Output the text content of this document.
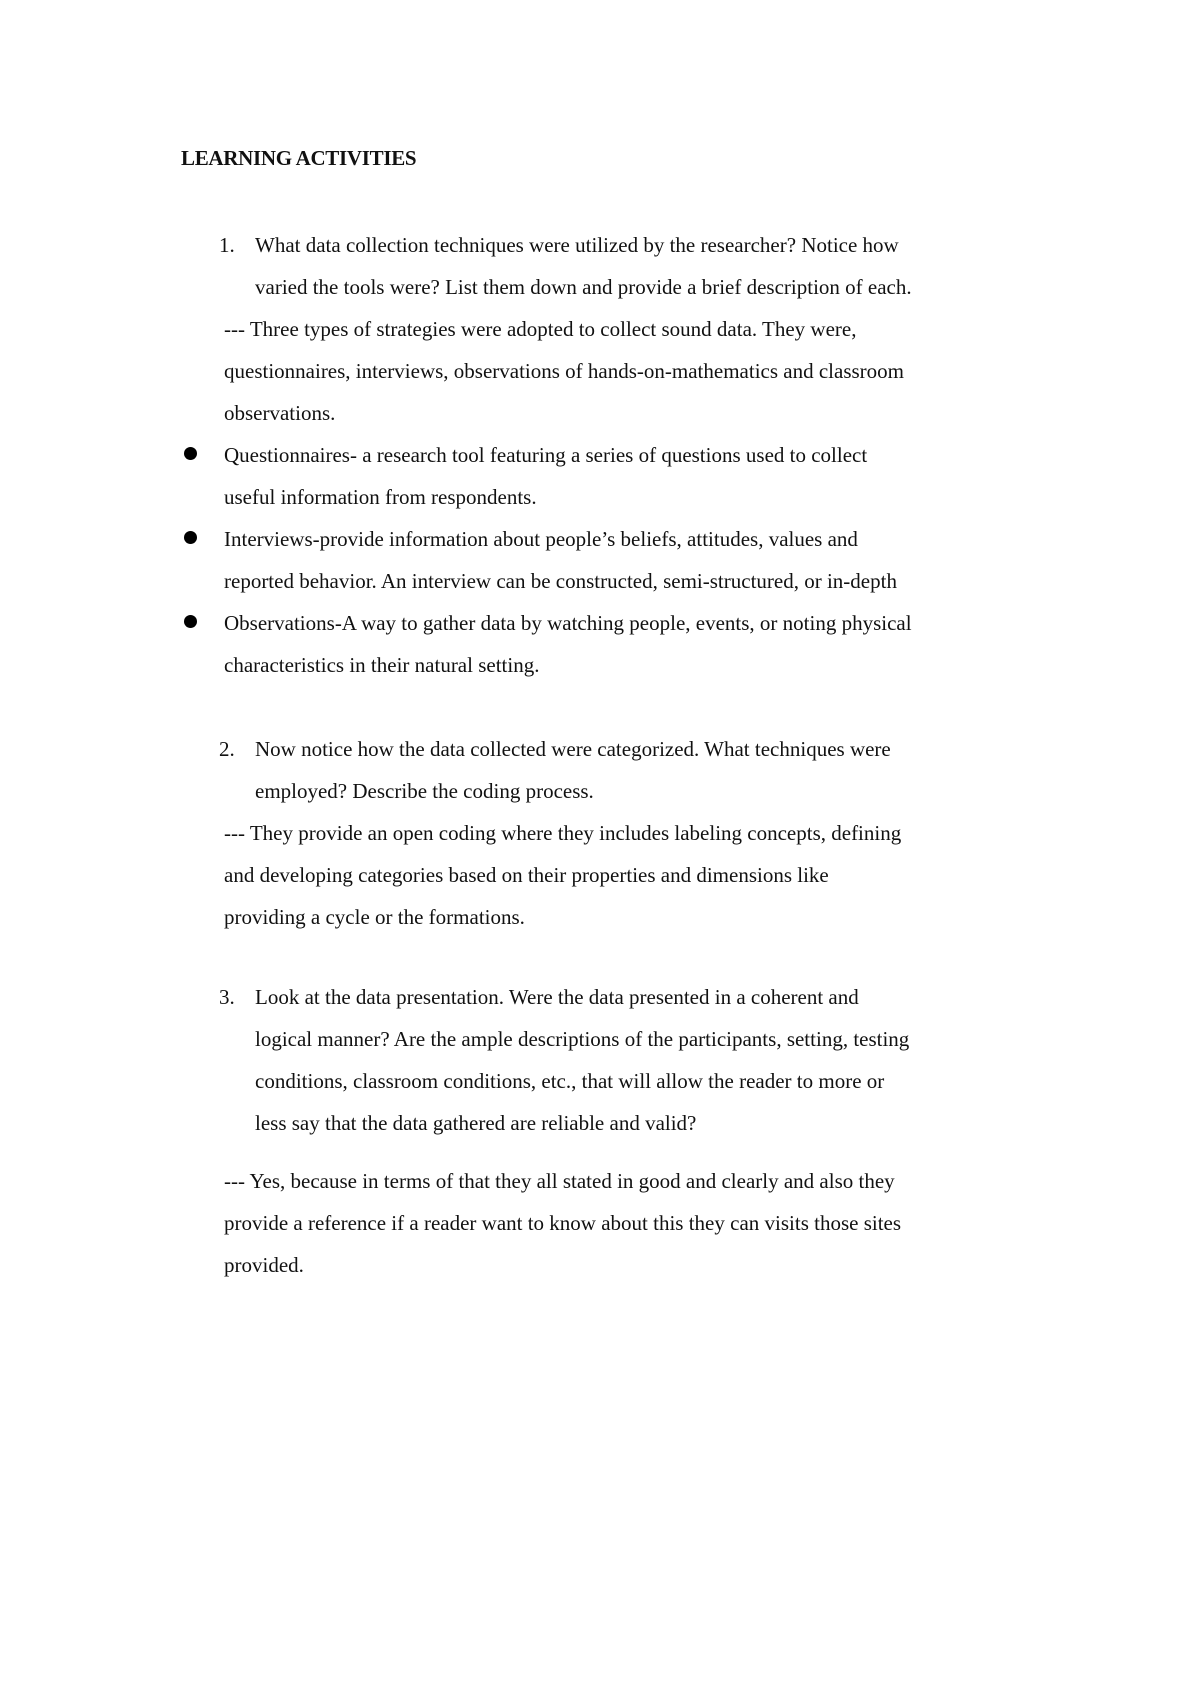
LEARNING ACTIVITIES
1. What data collection techniques were utilized by the researcher? Notice how
varied the tools were? List them down and provide a brief description of each.
--- Three types of strategies were adopted to collect sound data. They were,
questionnaires, interviews, observations of hands-on-mathematics and classroom
observations.
Questionnaires- a research tool featuring a series of questions used to collect
useful information from respondents.
Interviews-provide information about people’s beliefs, attitudes, values and
reported behavior. An interview can be constructed, semi-structured, or in-depth
Observations-A way to gather data by watching people, events, or noting physical
characteristics in their natural setting.
2. Now notice how the data collected were categorized. What techniques were
employed? Describe the coding process.
--- They provide an open coding where they includes labeling concepts, defining
and developing categories based on their properties and dimensions like
providing a cycle or the formations.
3. Look at the data presentation. Were the data presented in a coherent and
logical manner? Are the ample descriptions of the participants, setting, testing
conditions, classroom conditions, etc., that will allow the reader to more or
less say that the data gathered are reliable and valid?
--- Yes, because in terms of that they all stated in good and clearly and also they
provide a reference if a reader want to know about this they can visits those sites
provided.
